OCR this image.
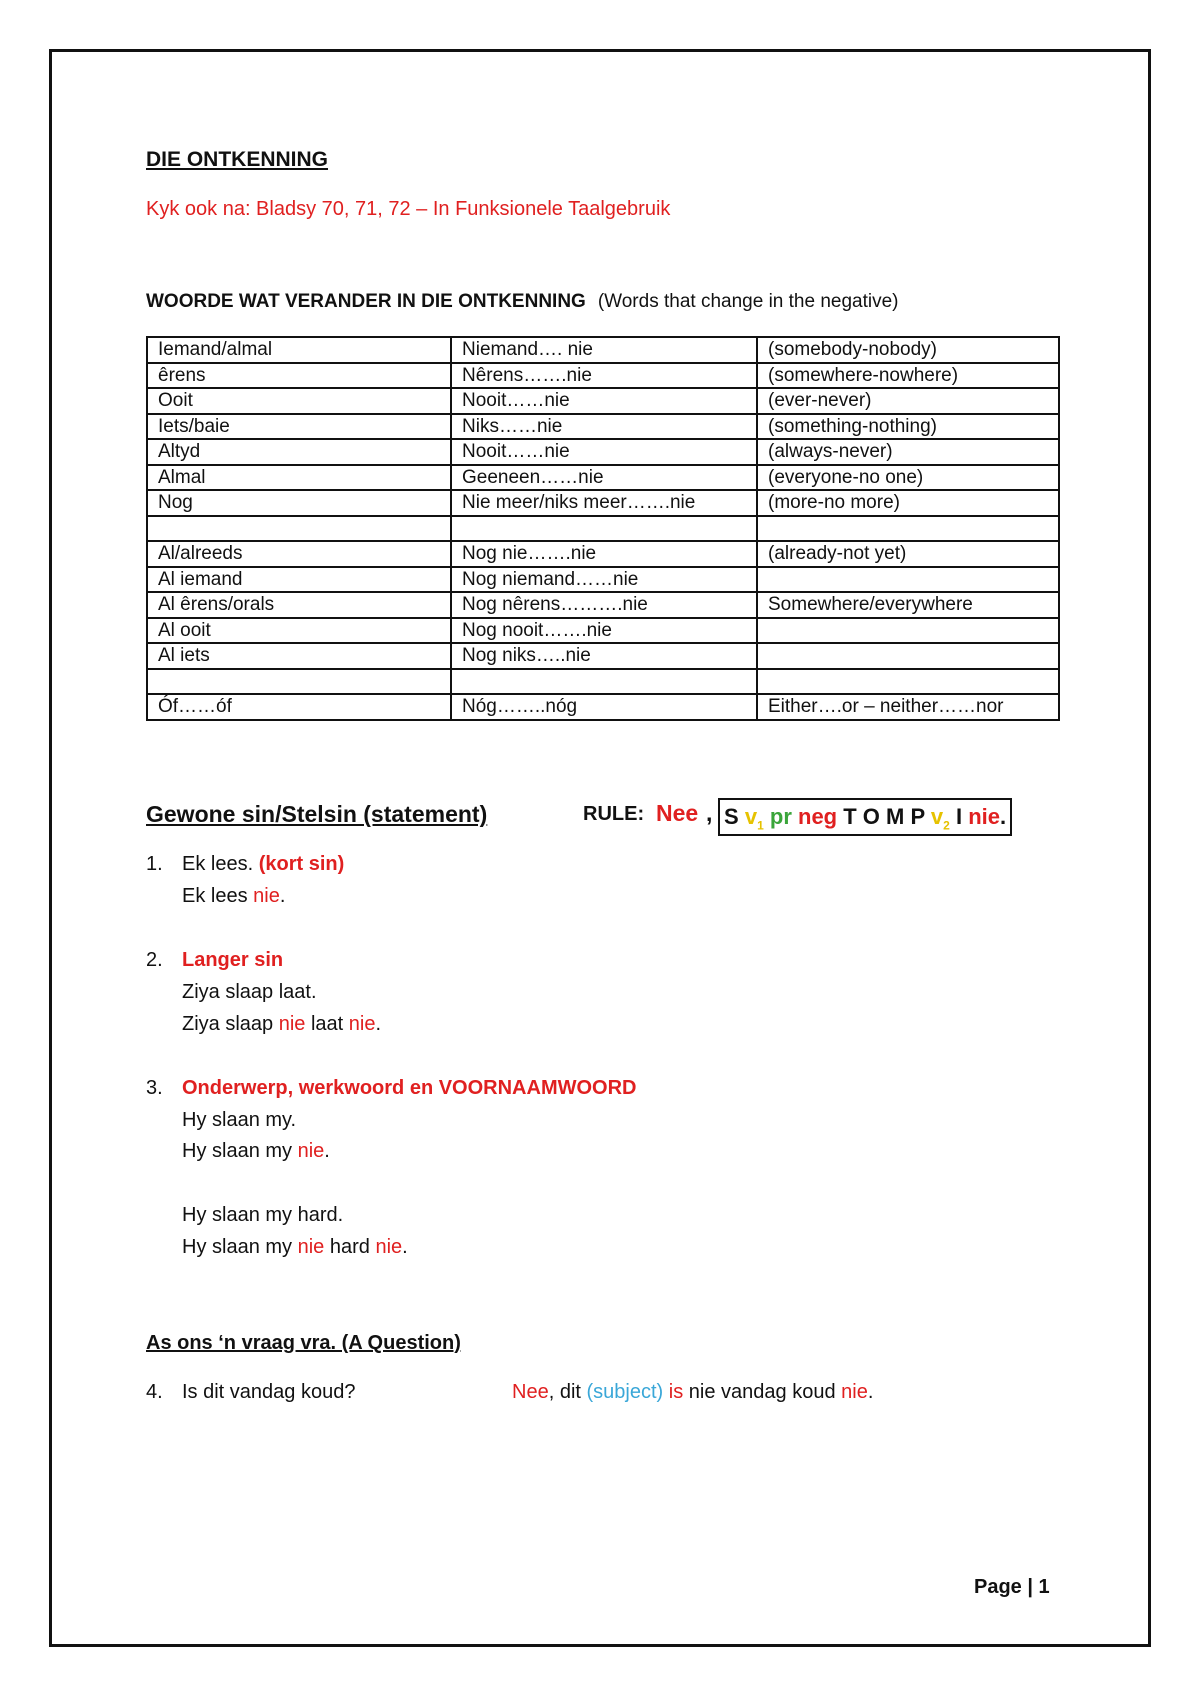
DIE ONTKENNING
Kyk ook na: Bladsy 70, 71, 72 – In Funksionele Taalgebruik
WOORDE WAT VERANDER IN DIE ONTKENNING (Words that change in the negative)
Iemand/almal	Niemand…. nie	(somebody-nobody)
êrens	Nêrens…….nie	(somewhere-nowhere)
Ooit	Nooit……nie	(ever-never)
Iets/baie	Niks……nie	(something-nothing)
Altyd	Nooit……nie	(always-never)
Almal	Geeneen……nie	(everyone-no one)
Nog	Nie meer/niks meer…….nie	(more-no more)

Al/alreeds	Nog nie…….nie	(already-not yet)
Al iemand	Nog niemand……nie	
Al êrens/orals	Nog nêrens……….nie	Somewhere/everywhere
Al ooit	Nog nooit…….nie	
Al iets	Nog niks…..nie	

Óf……óf	Nóg……..nóg	Either….or – neither……nor
Gewone sin/Stelsin (statement)	RULE: Nee , S $v_1$ pr neg T O M P $v_2$ I nie.
1. Ek lees. (kort sin)
Ek lees nie.
2. Langer sin
Ziya slaap laat.
Ziya slaap nie laat nie.
3. Onderwerp, werkwoord en VOORNAAMWOORD
Hy slaan my.
Hy slaan my nie.
Hy slaan my hard.
Hy slaan my nie hard nie.
As ons ‘n vraag vra. (A Question)
4. Is dit vandag koud?	Nee, dit (subject) is nie vandag koud nie.
Page | 1
